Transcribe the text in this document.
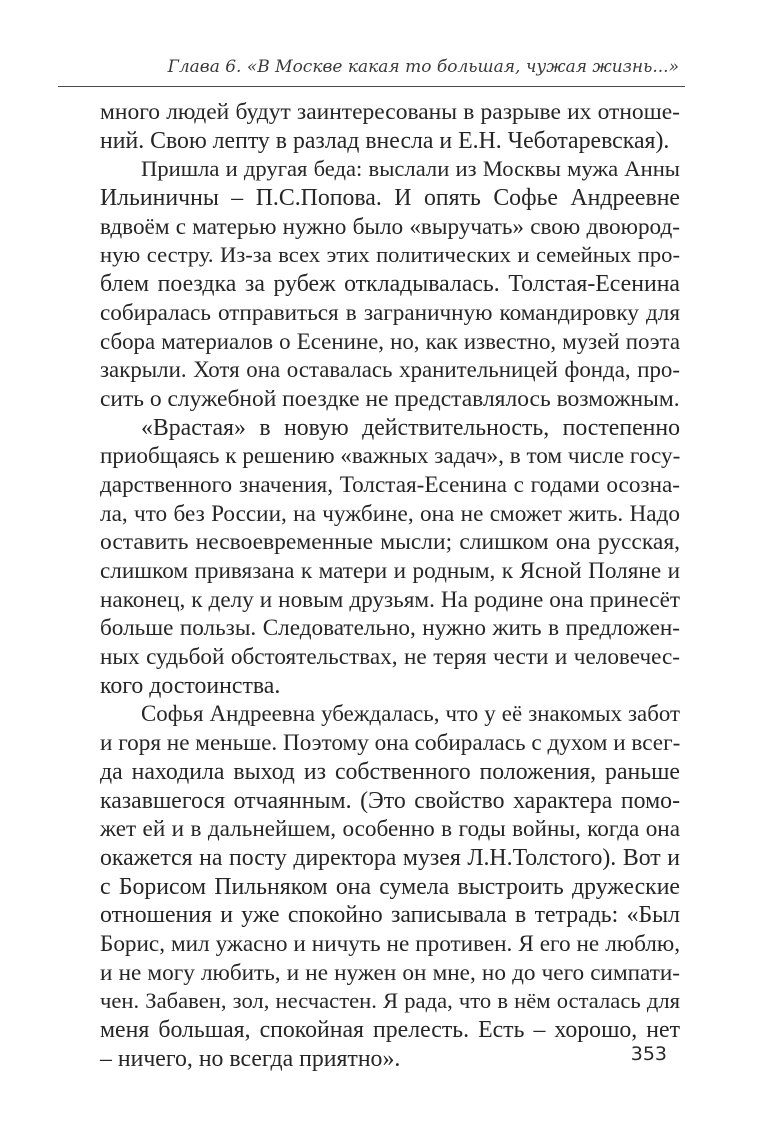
Глава 6. «В Москве какая то большая, чужая жизнь...»
много людей будут заинтересованы в разрыве их отноше-
ний. Свою лепту в разлад внесла и Е.Н. Чеботаревская).
Пришла и другая беда: выслали из Москвы мужа Анны
Ильиничны – П.С.Попова. И опять Софье Андреевне
вдвоём с матерью нужно было «выручать» свою двоюрод-
ную сестру. Из-за всех этих политических и семейных про-
блем поездка за рубеж откладывалась. Толстая-Есенина
собиралась отправиться в заграничную командировку для
сбора материалов о Есенине, но, как известно, музей поэта
закрыли. Хотя она оставалась хранительницей фонда, про-
сить о служебной поездке не представлялось возможным.
«Врастая» в новую действительность, постепенно
приобщаясь к решению «важных задач», в том числе госу-
дарственного значения, Толстая-Есенина с годами осозна-
ла, что без России, на чужбине, она не сможет жить. Надо
оставить несвоевременные мысли; слишком она русская,
слишком привязана к матери и родным, к Ясной Поляне и
наконец, к делу и новым друзьям. На родине она принесёт
больше пользы. Следовательно, нужно жить в предложен-
ных судьбой обстоятельствах, не теряя чести и человечес-
кого достоинства.
Софья Андреевна убеждалась, что у её знакомых забот
и горя не меньше. Поэтому она собиралась с духом и всег-
да находила выход из собственного положения, раньше
казавшегося отчаянным. (Это свойство характера помо-
жет ей и в дальнейшем, особенно в годы войны, когда она
окажется на посту директора музея Л.Н.Толстого). Вот и
с Борисом Пильняком она сумела выстроить дружеские
отношения и уже спокойно записывала в тетрадь: «Был
Борис, мил ужасно и ничуть не противен. Я его не люблю,
и не могу любить, и не нужен он мне, но до чего симпати-
чен. Забавен, зол, несчастен. Я рада, что в нём осталась для
меня большая, спокойная прелесть. Есть – хорошо, нет
– ничего, но всегда приятно».	353
